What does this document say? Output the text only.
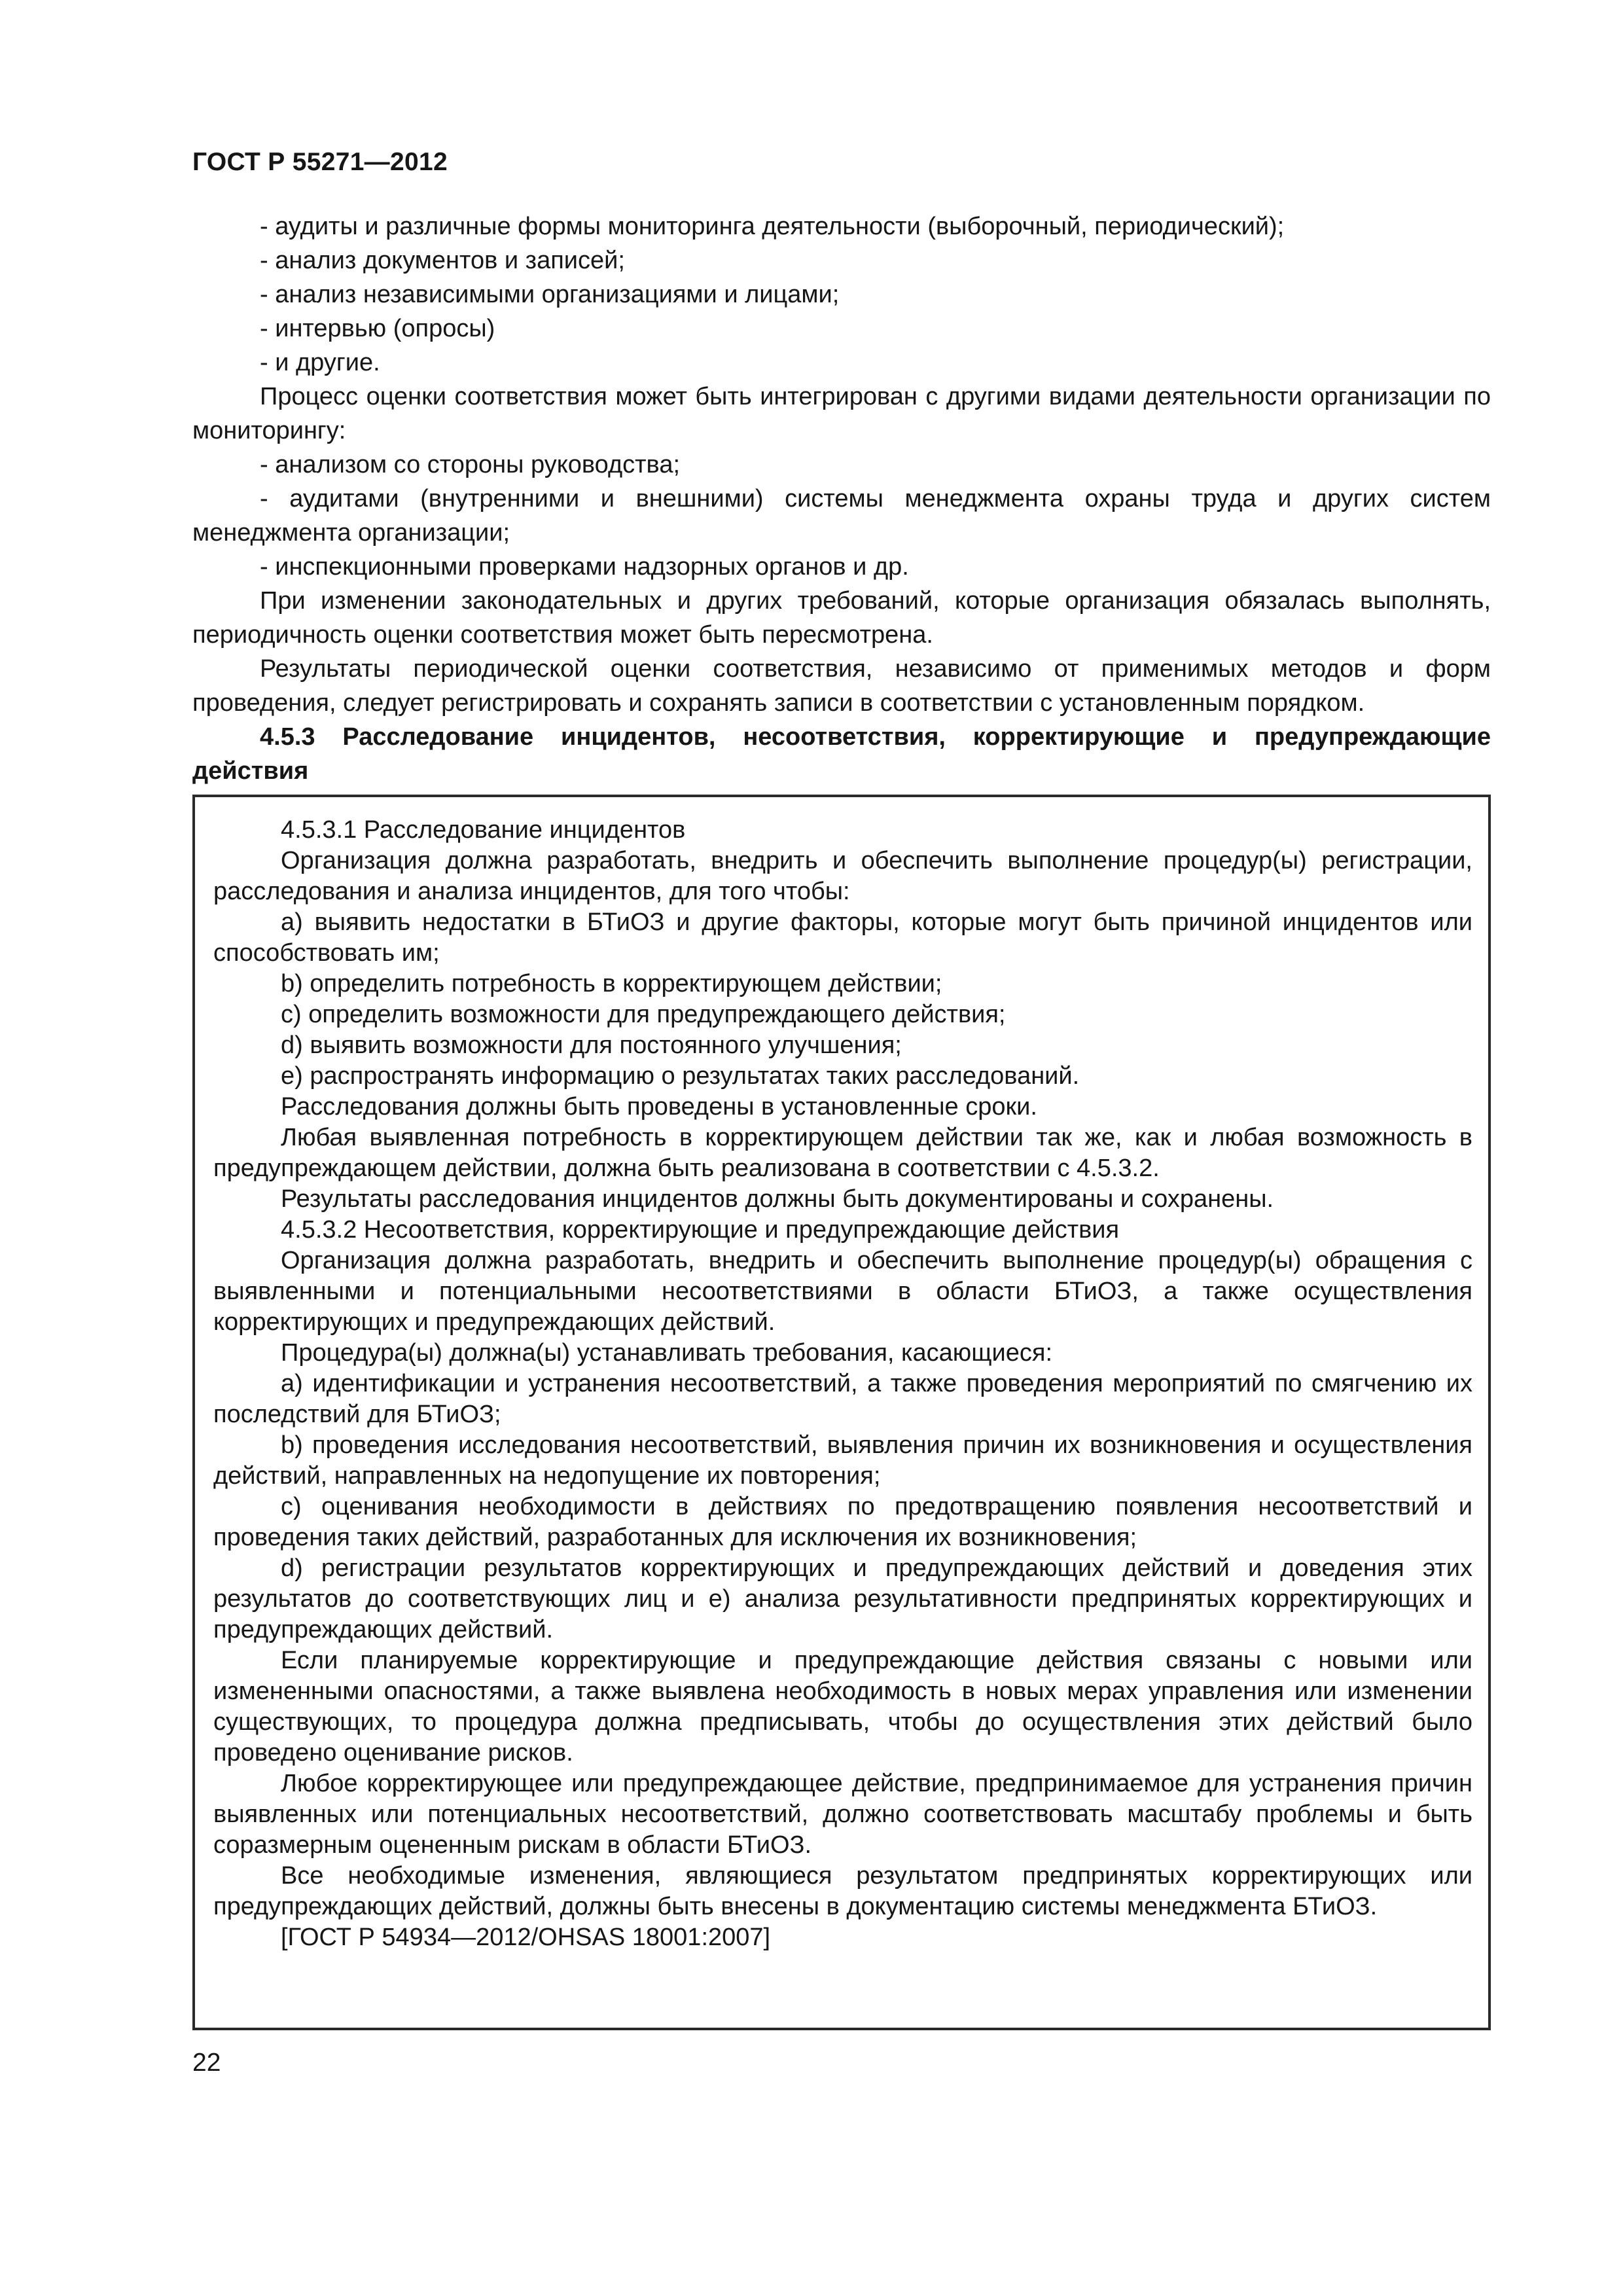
ГОСТ Р 55271—2012

- аудиты и различные формы мониторинга деятельности (выборочный, периодический);

- анализ документов и записей;

- анализ независимыми организациями и лицами;

- интервью (опросы)

- и другие.

Процесс оценки соответствия может быть интегрирован с другими видами деятельности организации по мониторингу:

- анализом со стороны руководства;

- аудитами (внутренними и внешними) системы менеджмента охраны труда и других систем менеджмента организации;

- инспекционными проверками надзорных органов и др.

При изменении законодательных и других требований, которые организация обязалась выполнять, периодичность оценки соответствия может быть пересмотрена.

Результаты периодической оценки соответствия, независимо от применимых методов и форм проведения, следует регистрировать и сохранять записи в соответствии с установленным порядком.

4.5.3 Расследование инцидентов, несоответствия, корректирующие и предупреждающие действия

4.5.3.1 Расследование инцидентов

Организация должна разработать, внедрить и обеспечить выполнение процедур(ы) регистрации, расследования и анализа инцидентов, для того чтобы:

a) выявить недостатки в БТиОЗ и другие факторы, которые могут быть причиной инцидентов или способствовать им;

b) определить потребность в корректирующем действии;

c) определить возможности для предупреждающего действия;

d) выявить возможности для постоянного улучшения;

e) распространять информацию о результатах таких расследований.

Расследования должны быть проведены в установленные сроки.

Любая выявленная потребность в корректирующем действии так же, как и любая возможность в предупреждающем действии, должна быть реализована в соответствии с 4.5.3.2.

Результаты расследования инцидентов должны быть документированы и сохранены.

4.5.3.2 Несоответствия, корректирующие и предупреждающие действия

Организация должна разработать, внедрить и обеспечить выполнение процедур(ы) обращения с выявленными и потенциальными несоответствиями в области БТиОЗ, а также осуществления корректирующих и предупреждающих действий.

Процедура(ы) должна(ы) устанавливать требования, касающиеся:

a) идентификации и устранения несоответствий, а также проведения мероприятий по смягчению их последствий для БТиОЗ;

b) проведения исследования несоответствий, выявления причин их возникновения и осуществления действий, направленных на недопущение их повторения;

c) оценивания необходимости в действиях по предотвращению появления несоответствий и проведения таких действий, разработанных для исключения их возникновения;

d) регистрации результатов корректирующих и предупреждающих действий и доведения этих результатов до соответствующих лиц и e) анализа результативности предпринятых корректирующих и предупреждающих действий.

Если планируемые корректирующие и предупреждающие действия связаны с новыми или измененными опасностями, а также выявлена необходимость в новых мерах управления или изменении существующих, то процедура должна предписывать, чтобы до осуществления этих действий было проведено оценивание рисков.

Любое корректирующее или предупреждающее действие, предпринимаемое для устранения причин выявленных или потенциальных несоответствий, должно соответствовать масштабу проблемы и быть соразмерным оцененным рискам в области БТиОЗ.

Все необходимые изменения, являющиеся результатом предпринятых корректирующих или предупреждающих действий, должны быть внесены в документацию системы менеджмента БТиОЗ.

[ГОСТ Р 54934—2012/OHSAS 18001:2007]

22
